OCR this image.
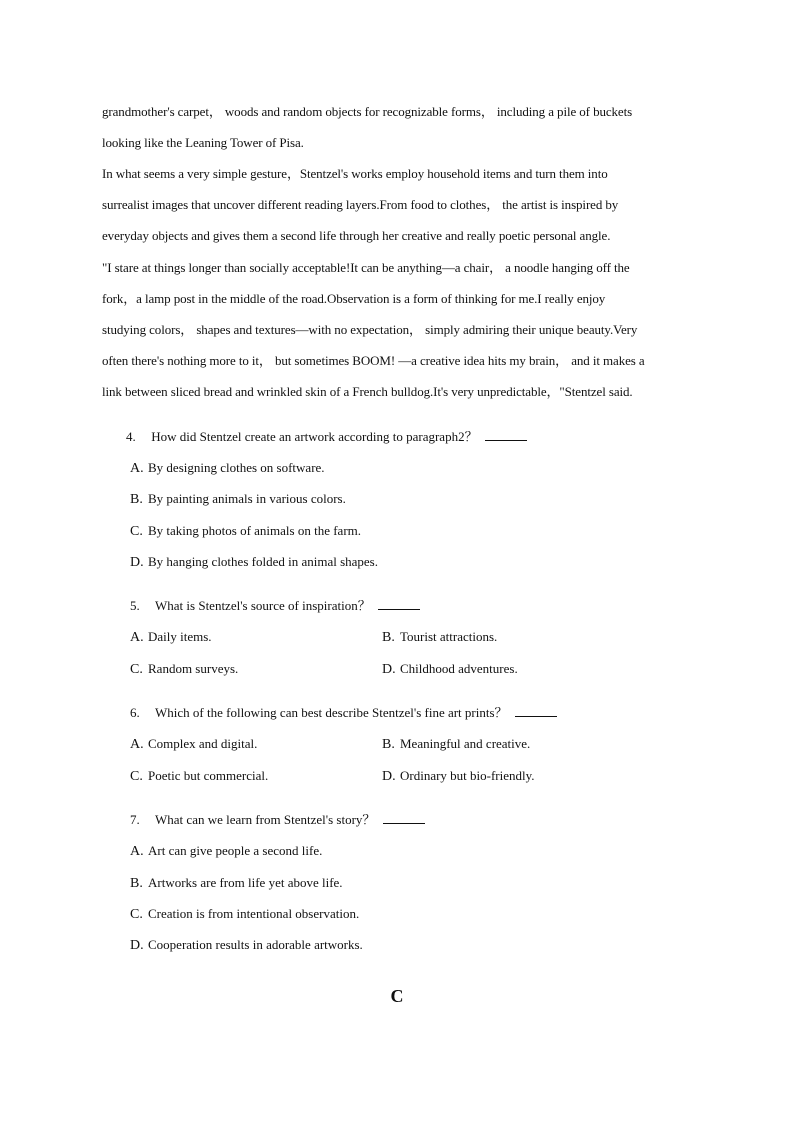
grandmother's carpet， woods and random objects for recognizable forms， including a pile of buckets
looking like the Leaning Tower of Pisa.
In what seems a very simple gesture，Stentzel's works employ household items and turn them into
surrealist images that uncover different reading layers.From food to clothes， the artist is inspired by
everyday objects and gives them a second life through her creative and really poetic personal angle.
"I stare at things longer than socially acceptable!It can be anything—a chair， a noodle hanging off the
fork，a lamp post in the middle of the road.Observation is a form of thinking for me.I really enjoy
studying colors， shapes and textures—with no expectation， simply admiring their unique beauty.Very
often there's nothing more to it， but sometimes BOOM! —a creative idea hits my brain， and it makes a
link between sliced bread and wrinkled skin of a French bulldog.It's very unpredictable，"Stentzel said.
4. How did Stentzel create an artwork according to paragraph2？
A. By designing clothes on software.
B. By painting animals in various colors.
C. By taking photos of animals on the farm.
D. By hanging clothes folded in animal shapes.
5. What is Stentzel's source of inspiration？
A. Daily items.	B. Tourist attractions.
C. Random surveys.	D. Childhood adventures.
6. Which of the following can best describe Stentzel's fine art prints？
A. Complex and digital.	B. Meaningful and creative.
C. Poetic but commercial.	D. Ordinary but bio-friendly.
7. What can we learn from Stentzel's story？
A. Art can give people a second life.
B. Artworks are from life yet above life.
C. Creation is from intentional observation.
D. Cooperation results in adorable artworks.
C
